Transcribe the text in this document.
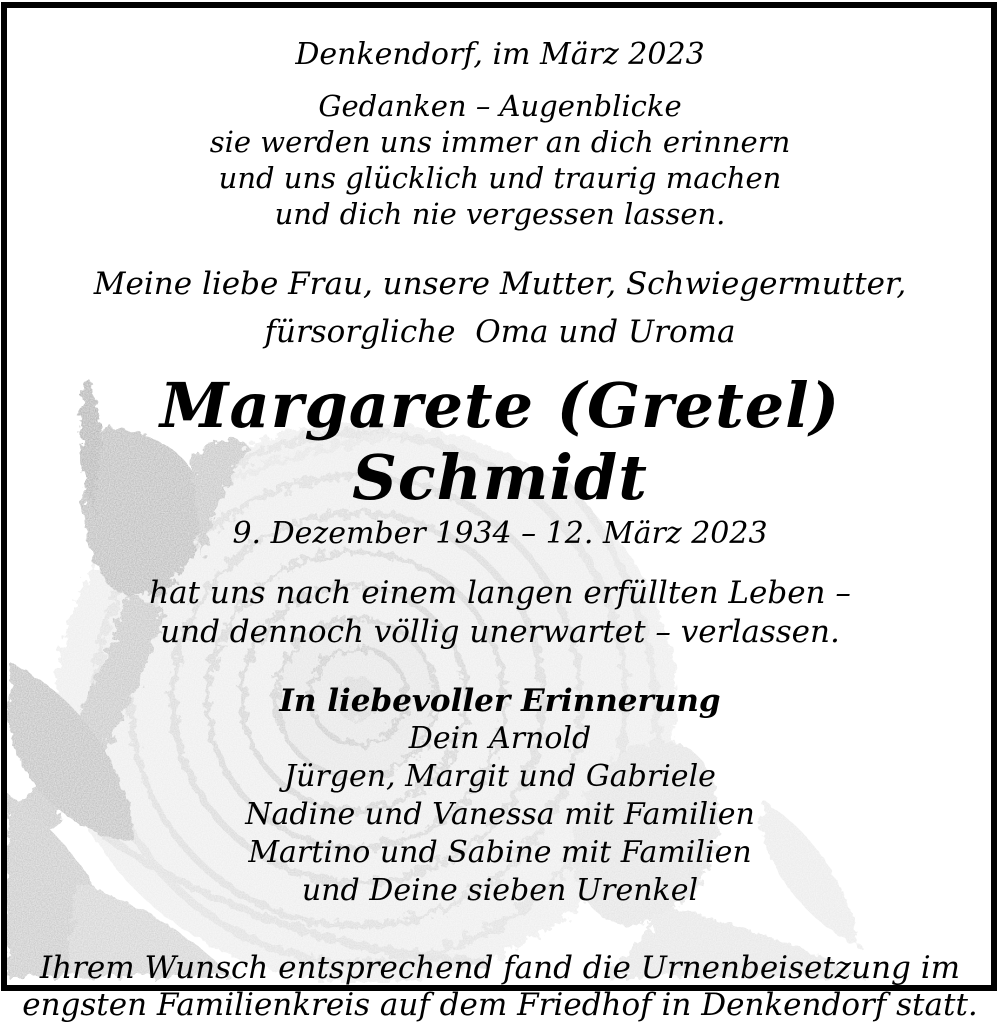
Denkendorf, im März 2023
Gedanken – Augenblicke
sie werden uns immer an dich erinnern
und uns glücklich und traurig machen
und dich nie vergessen lassen.
Meine liebe Frau, unsere Mutter, Schwiegermutter,
fürsorgliche  Oma und Uroma
Margarete (Gretel) Schmidt
9. Dezember 1934 – 12. März 2023
hat uns nach einem langen erfüllten Leben –
und dennoch völlig unerwartet – verlassen.
In liebevoller Erinnerung
Dein Arnold
Jürgen, Margit und Gabriele
Nadine und Vanessa mit Familien
Martino und Sabine mit Familien
und Deine sieben Urenkel
Ihrem Wunsch entsprechend fand die Urnenbeisetzung im
engsten Familienkreis auf dem Friedhof in Denkendorf statt.
